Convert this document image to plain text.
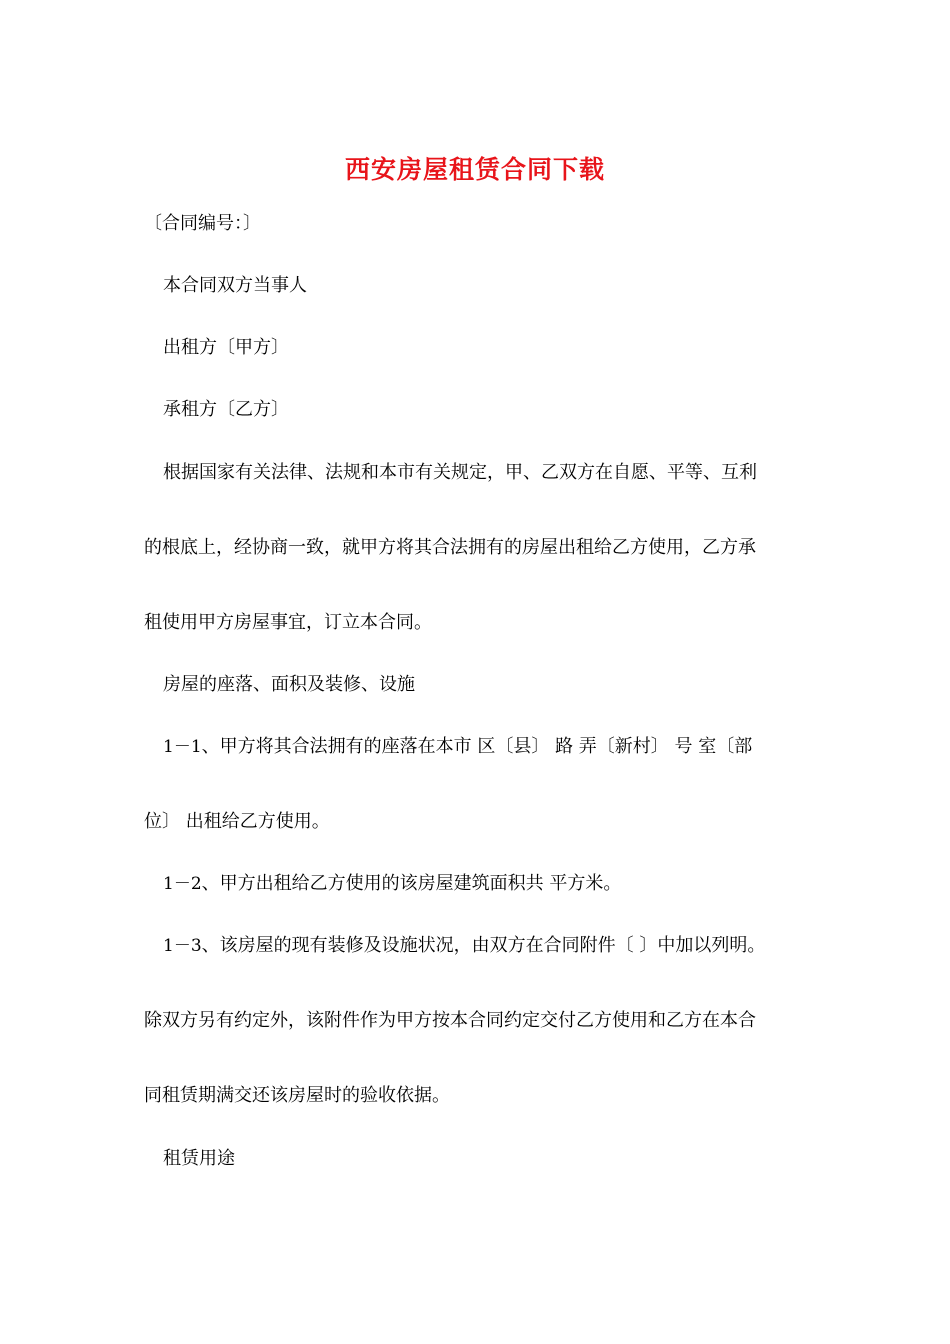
西安房屋租赁合同下载
〔合同编号：〕
本合同双方当事人
出租方〔甲方〕
承租方〔乙方〕
根据国家有关法律、法规和本市有关规定，甲、乙双方在自愿、平等、互利
的根底上，经协商一致，就甲方将其合法拥有的房屋出租给乙方使用，乙方承
租使用甲方房屋事宜，订立本合同。
房屋的座落、面积及装修、设施
1－1、甲方将其合法拥有的座落在本市 区〔县〕 路 弄〔新村〕 号 室〔部
位〕 出租给乙方使用。
1－2、甲方出租给乙方使用的该房屋建筑面积共 平方米。
1－3、该房屋的现有装修及设施状况，由双方在合同附件〔 〕中加以列明。
除双方另有约定外，该附件作为甲方按本合同约定交付乙方使用和乙方在本合
同租赁期满交还该房屋时的验收依据。
租赁用途
